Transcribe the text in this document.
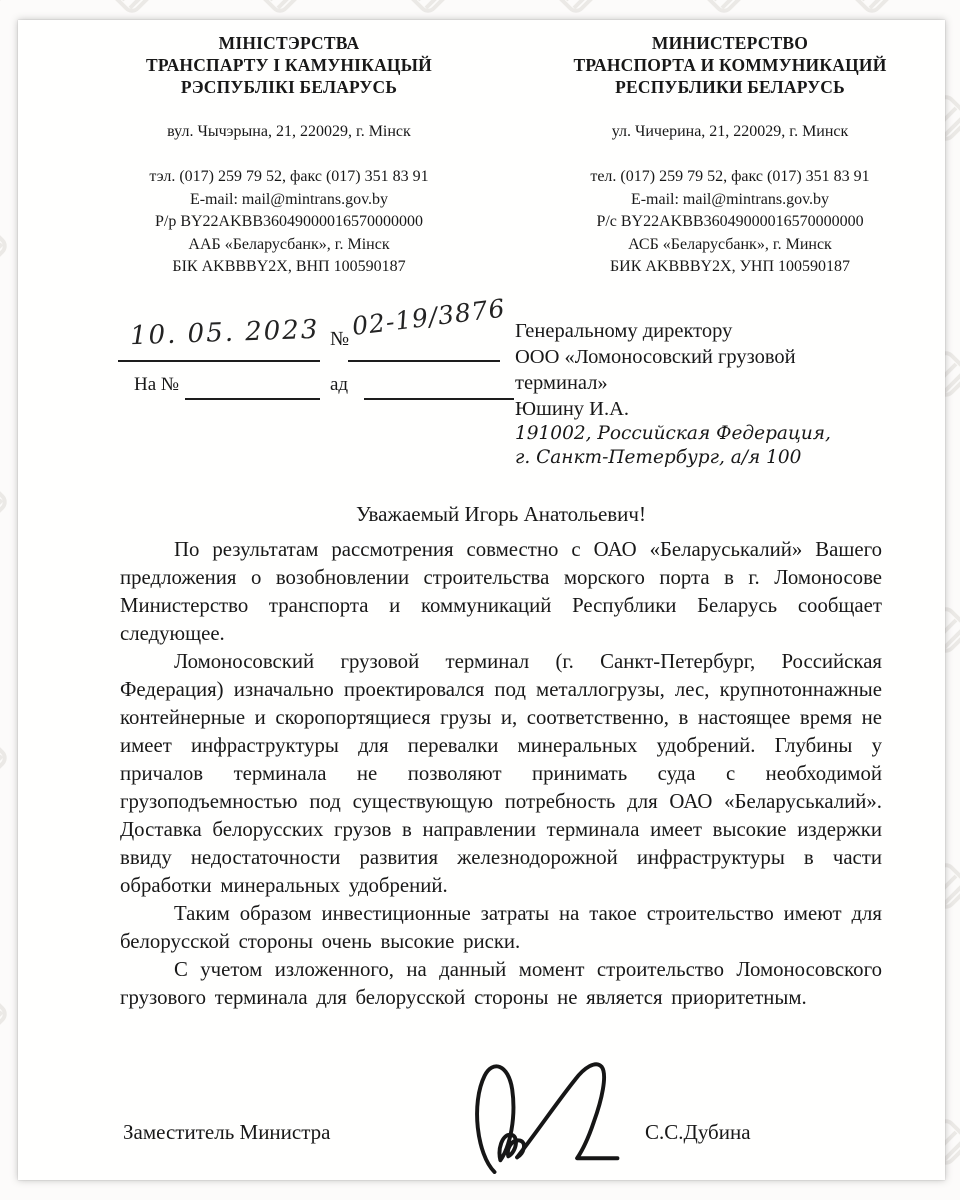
МІНІСТЭРСТВА
ТРАНСПАРТУ І КАМУНІКАЦЫЙ
РЭСПУБЛІКІ БЕЛАРУСЬ
МИНИСТЕРСТВО
ТРАНСПОРТА И КОММУНИКАЦИЙ
РЕСПУБЛИКИ БЕЛАРУСЬ
вул. Чычэрына, 21, 220029, г. Мінск	ул. Чичерина, 21, 220029, г. Минск
тэл. (017) 259 79 52, факс (017) 351 83 91
E-mail: mail@mintrans.gov.by
Р/р BY22AKBB36049000016570000000
ААБ «Беларусбанк», г. Мінск
БІК AKBBBY2X, ВНП 100590187
тел. (017) 259 79 52, факс (017) 351 83 91
E-mail: mail@mintrans.gov.by
Р/с BY22AKBB36049000016570000000
АСБ «Беларусбанк», г. Минск
БИК AKBBBY2X, УНП 100590187
10. 05. 2023 № 02-19/3876
На №	ад
Генеральному директору
ООО «Ломоносовский грузовой
терминал»
Юшину И.А.
191002, Российская Федерация,
г. Санкт-Петербург, а/я 100
Уважаемый Игорь Анатольевич!

По результатам рассмотрения совместно с ОАО «Беларуськалий» Вашего предложения о возобновлении строительства морского порта в г. Ломоносове Министерство транспорта и коммуникаций Республики Беларусь сообщает следующее.

Ломоносовский грузовой терминал (г. Санкт-Петербург, Российская Федерация) изначально проектировался под металлогрузы, лес, крупнотоннажные контейнерные и скоропортящиеся грузы и, соответственно, в настоящее время не имеет инфраструктуры для перевалки минеральных удобрений. Глубины у причалов терминала не позволяют принимать суда с необходимой грузоподъемностью под существующую потребность для ОАО «Беларуськалий». Доставка белорусских грузов в направлении терминала имеет высокие издержки ввиду недостаточности развития железнодорожной инфраструктуры в части обработки минеральных удобрений.

Таким образом инвестиционные затраты на такое строительство имеют для белорусской стороны очень высокие риски.

С учетом изложенного, на данный момент строительство Ломоносовского грузового терминала для белорусской стороны не является приоритетным.

Заместитель Министра	С.С.Дубина
